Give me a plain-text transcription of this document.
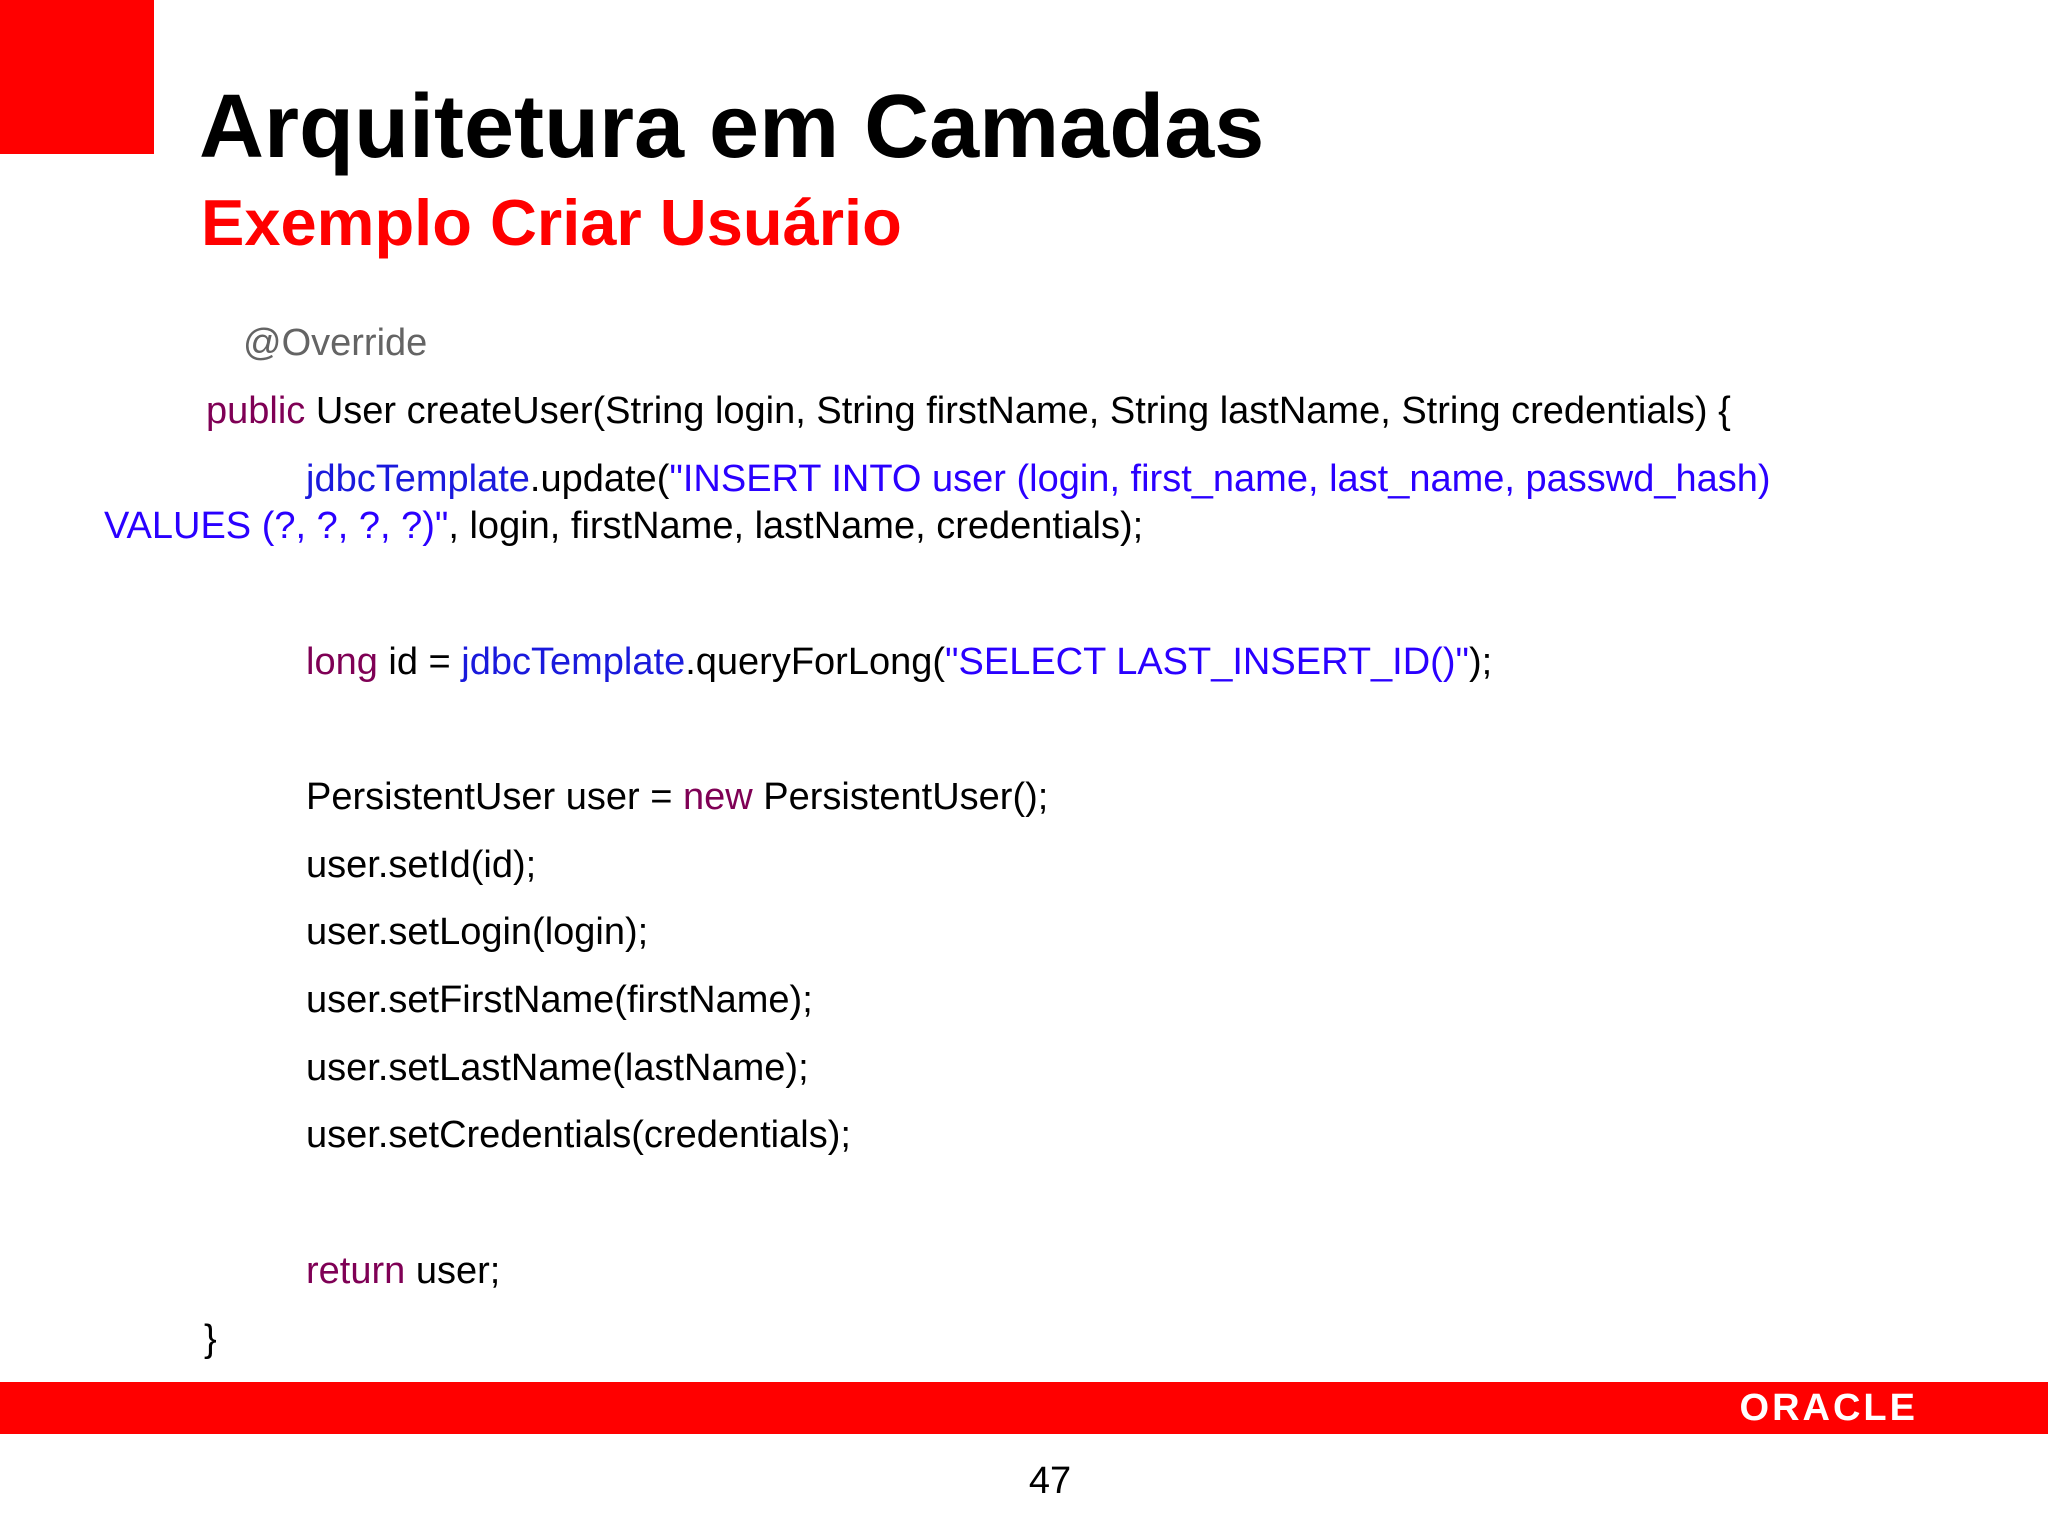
Arquitetura em Camadas
Exemplo Criar Usuário
@Override
public User createUser(String login, String firstName, String lastName, String credentials) {
jdbcTemplate.update("INSERT INTO user (login, first_name, last_name, passwd_hash)
VALUES (?, ?, ?, ?)", login, firstName, lastName, credentials);
long id = jdbcTemplate.queryForLong("SELECT LAST_INSERT_ID()");
PersistentUser user = new PersistentUser();
user.setId(id);
user.setLogin(login);
user.setFirstName(firstName);
user.setLastName(lastName);
user.setCredentials(credentials);
return user;
}
ORACLE
47
